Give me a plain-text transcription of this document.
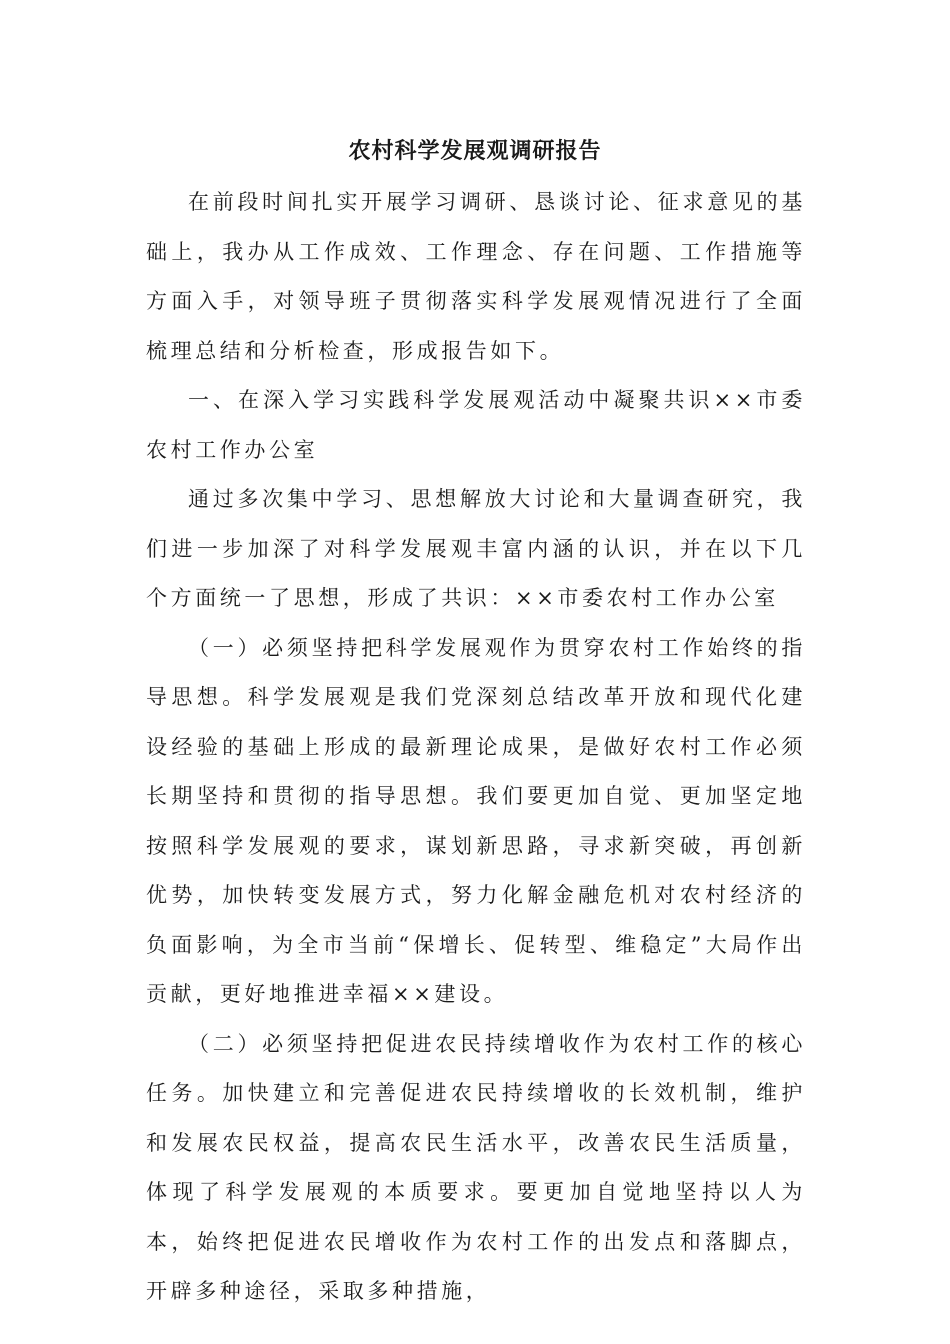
农村科学发展观调研报告

在前段时间扎实开展学习调研、恳谈讨论、征求意见的基础上，我办从工作成效、工作理念、存在问题、工作措施等方面入手，对领导班子贯彻落实科学发展观情况进行了全面梳理总结和分析检查，形成报告如下。

一、在深入学习实践科学发展观活动中凝聚共识××市委农村工作办公室

通过多次集中学习、思想解放大讨论和大量调查研究，我们进一步加深了对科学发展观丰富内涵的认识，并在以下几个方面统一了思想，形成了共识：××市委农村工作办公室

（一）必须坚持把科学发展观作为贯穿农村工作始终的指导思想。科学发展观是我们党深刻总结改革开放和现代化建设经验的基础上形成的最新理论成果，是做好农村工作必须长期坚持和贯彻的指导思想。我们要更加自觉、更加坚定地按照科学发展观的要求，谋划新思路，寻求新突破，再创新优势，加快转变发展方式，努力化解金融危机对农村经济的负面影响，为全市当前“保增长、促转型、维稳定”大局作出贡献，更好地推进幸福××建设。

（二）必须坚持把促进农民持续增收作为农村工作的核心任务。加快建立和完善促进农民持续增收的长效机制，维护和发展农民权益，提高农民生活水平，改善农民生活质量，体现了科学发展观的本质要求。要更加自觉地坚持以人为本，始终把促进农民增收作为农村工作的出发点和落脚点，开辟多种途径，采取多种措施，
